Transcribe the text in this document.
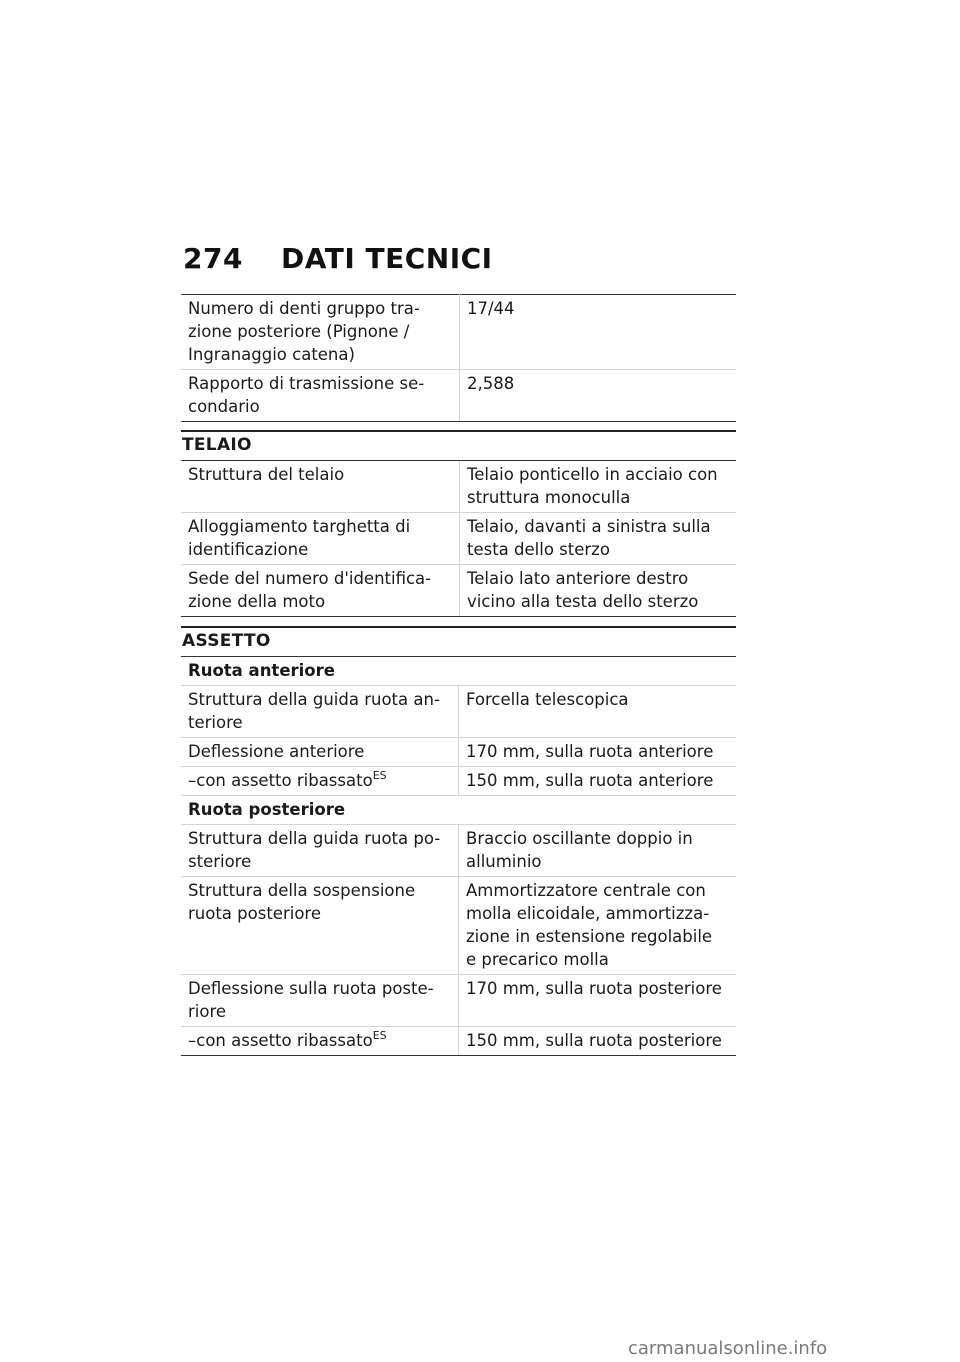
274 DATI TECNICI
Numero di denti gruppo tra-
zione posteriore (Pignone /
Ingranaggio catena)	17/44
Rapporto di trasmissione se-
condario	2,588
TELAIO
Struttura del telaio	Telaio ponticello in acciaio con
struttura monoculla
Alloggiamento targhetta di
identificazione	Telaio, davanti a sinistra sulla
testa dello sterzo
Sede del numero d'identifica-
zione della moto	Telaio lato anteriore destro
vicino alla testa dello sterzo
ASSETTO
Ruota anteriore	
Struttura della guida ruota an-
teriore	Forcella telescopica
Deflessione anteriore	170 mm, sulla ruota anteriore
–con assetto ribassato$^{ES}$	150 mm, sulla ruota anteriore
Ruota posteriore	
Struttura della guida ruota po-
steriore	Braccio oscillante doppio in
alluminio
Struttura della sospensione
ruota posteriore	Ammortizzatore centrale con
molla elicoidale, ammortizza-
zione in estensione regolabile
e precarico molla
Deflessione sulla ruota poste-
riore	170 mm, sulla ruota posteriore
–con assetto ribassato$^{ES}$	150 mm, sulla ruota posteriore
carmanualsonline.info
